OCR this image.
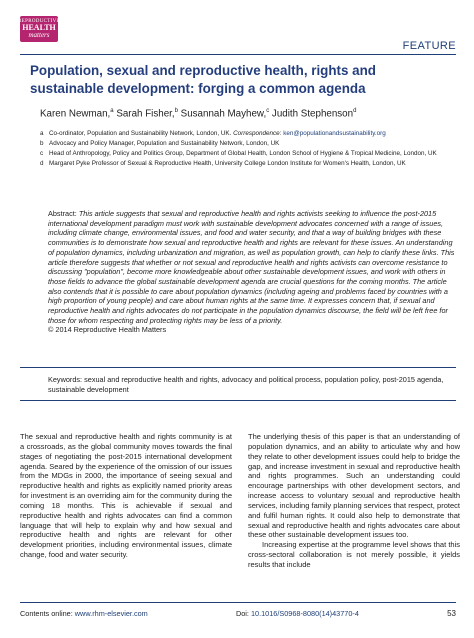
REPRODUCTIVE
HEALTH
matters
FEATURE
Population, sexual and reproductive health, rights and sustainable development: forging a common agenda
Karen Newman,$^a$ Sarah Fisher,$^b$ Susannah Mayhew,$^c$ Judith Stephenson$^d$
a Co-ordinator, Population and Sustainability Network, London, UK. Correspondence: ken@populationandsustainability.org
b Advocacy and Policy Manager, Population and Sustainability Network, London, UK
c Head of Anthropology, Policy and Politics Group, Department of Global Health, London School of Hygiene & Tropical Medicine, London, UK
d Margaret Pyke Professor of Sexual & Reproductive Health, University College London Institute for Women's Health, London, UK
Abstract: This article suggests that sexual and reproductive health and rights activists seeking to influence the post-2015 international development paradigm must work with sustainable development advocates concerned with a range of issues, including climate change, environmental issues, and food and water security, and that a way of building bridges with these communities is to demonstrate how sexual and reproductive health and rights are relevant for these issues. An understanding of population dynamics, including urbanization and migration, as well as population growth, can help to clarify these links. This article therefore suggests that whether or not sexual and reproductive health and rights activists can overcome resistance to discussing "population", become more knowledgeable about other sustainable development issues, and work with others in those fields to advance the global sustainable development agenda are crucial questions for the coming months. The article also contends that it is possible to care about population dynamics (including ageing and problems faced by countries with a high proportion of young people) and care about human rights at the same time. It expresses concern that, if sexual and reproductive health and rights advocates do not participate in the population dynamics discourse, the field will be left free for those for whom respecting and protecting rights may be less of a priority.
© 2014 Reproductive Health Matters
Keywords: sexual and reproductive health and rights, advocacy and political process, population policy, post-2015 agenda, sustainable development

The sexual and reproductive health and rights community is at a crossroads, as the global community moves towards the final stages of negotiating the post-2015 international development agenda. Seared by the experience of the omission of our issues from the MDGs in 2000, the importance of seeing sexual and reproductive health and rights as explicitly named priority areas for investment is an overriding aim for the community during the coming 18 months. This is achievable if sexual and reproductive health and rights advocates can find a common language that will help to explain why and how sexual and reproductive health and rights are relevant for other development priorities, including environmental issues, climate change, food and water security.

The underlying thesis of this paper is that an understanding of population dynamics, and an ability to articulate why and how they relate to other development issues could help to bridge the gap, and increase investment in sexual and reproductive health and rights programmes. Such an understanding could encourage partnerships with other development sectors, and increase access to voluntary sexual and reproductive health services, including family planning services that respect, protect and fulfil human rights. It could also help to demonstrate that sexual and reproductive health and rights advocates care about these other sustainable development issues too.

Increasing expertise at the programme level shows that this cross-sectoral collaboration is not merely possible, it yields results that include

Contents online: www.rhm-elsevier.com	Doi: 10.1016/S0968-8080(14)43770-4	53
